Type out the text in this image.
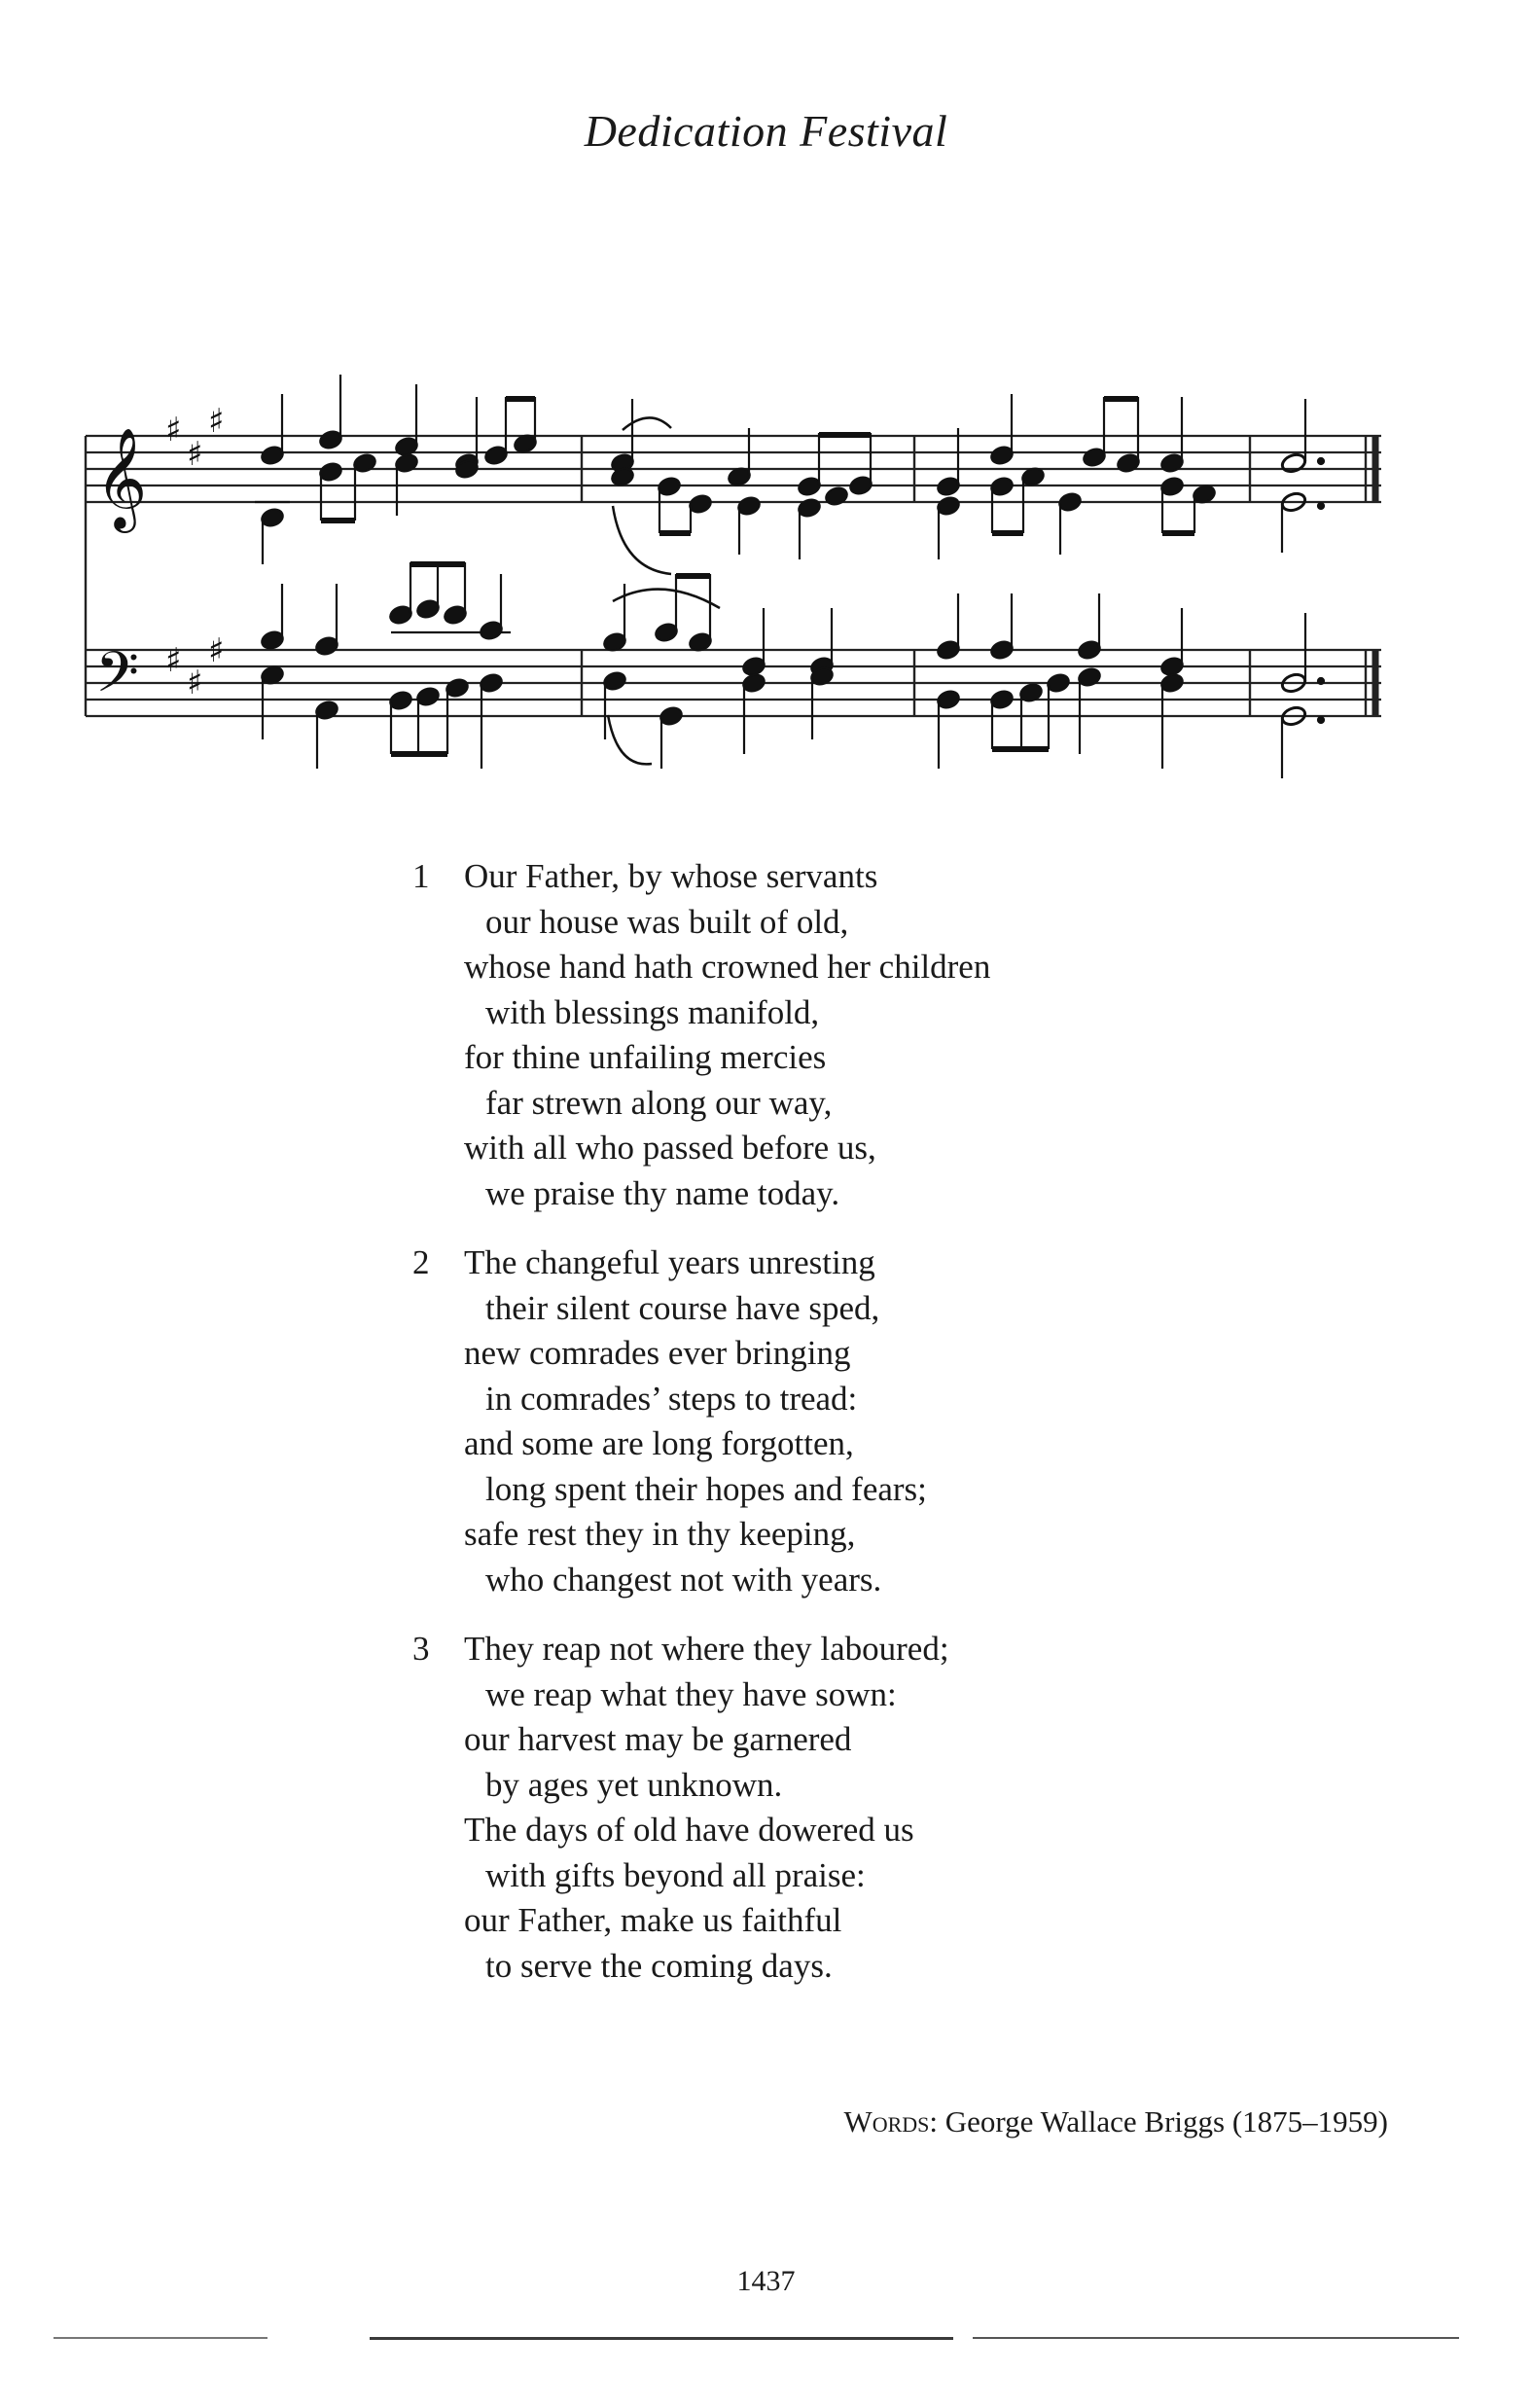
Dedication Festival
𝄞
𝄢
♯
♯
♯
♯
♯
♯
1 Our Father, by whose servants
our house was built of old,
whose hand hath crowned her children
with blessings manifold,
for thine unfailing mercies
far strewn along our way,
with all who passed before us,
we praise thy name today.
2 The changeful years unresting
their silent course have sped,
new comrades ever bringing
in comrades’ steps to tread:
and some are long forgotten,
long spent their hopes and fears;
safe rest they in thy keeping,
who changest not with years.
3 They reap not where they laboured;
we reap what they have sown:
our harvest may be garnered
by ages yet unknown.
The days of old have dowered us
with gifts beyond all praise:
our Father, make us faithful
to serve the coming days.
Words: George Wallace Briggs (1875–1959)
1437
